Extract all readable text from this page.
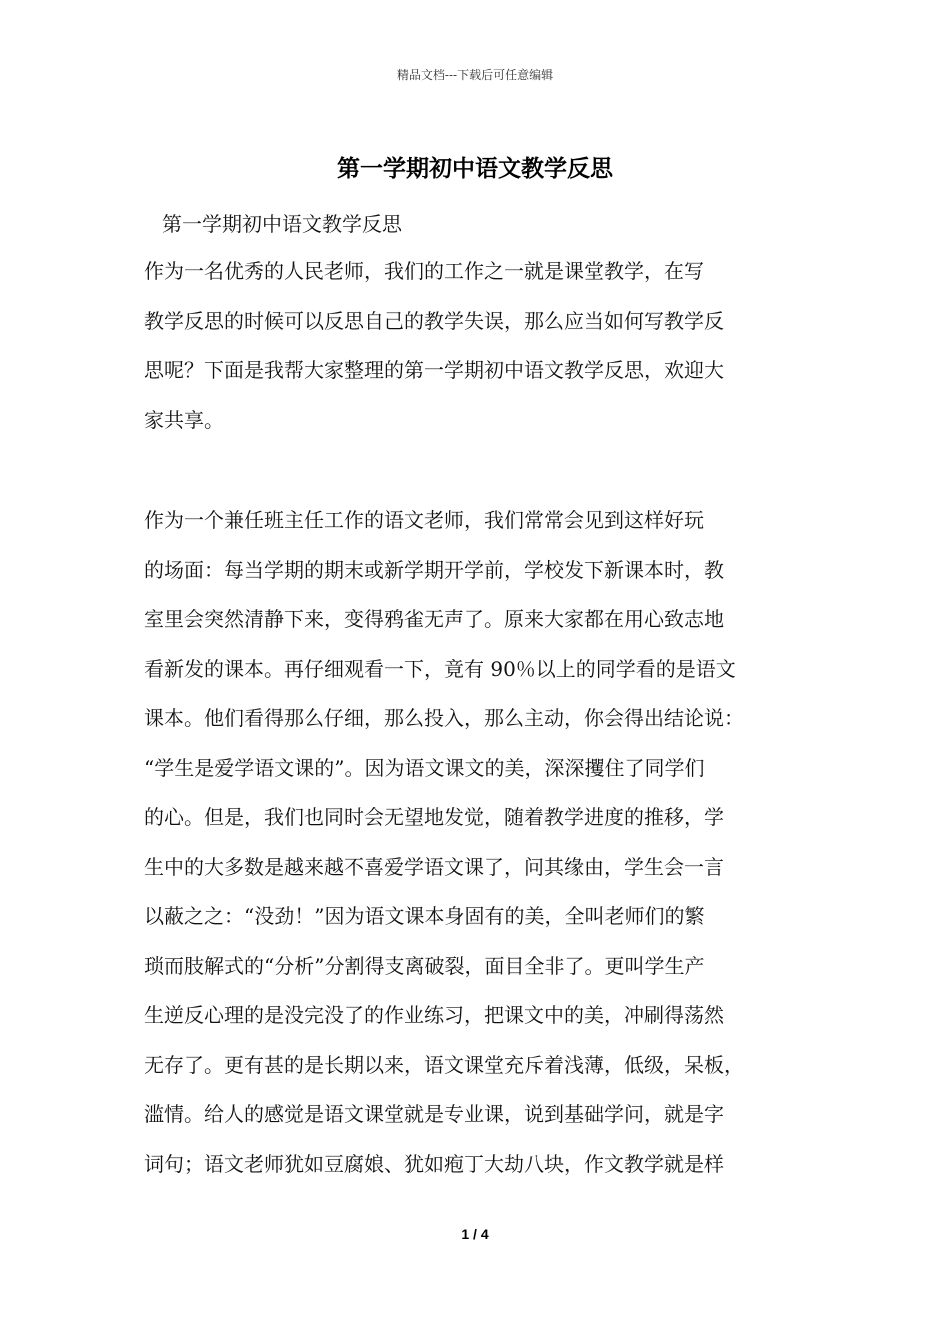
精品文档---下载后可任意编辑
第一学期初中语文教学反思
第一学期初中语文教学反思
作为一名优秀的人民老师，我们的工作之一就是课堂教学，在写
教学反思的时候可以反思自己的教学失误，那么应当如何写教学反
思呢？下面是我帮大家整理的第一学期初中语文教学反思，欢迎大
家共享。
作为一个兼任班主任工作的语文老师，我们常常会见到这样好玩
的场面：每当学期的期末或新学期开学前，学校发下新课本时，教
室里会突然清静下来，变得鸦雀无声了。原来大家都在用心致志地
看新发的课本。再仔细观看一下，竟有 90％以上的同学看的是语文
课本。他们看得那么仔细，那么投入，那么主动，你会得出结论说：
“学生是爱学语文课的”。因为语文课文的美，深深攫住了同学们
的心。但是，我们也同时会无望地发觉，随着教学进度的推移，学
生中的大多数是越来越不喜爱学语文课了，问其缘由，学生会一言
以蔽之之：“没劲！”因为语文课本身固有的美，全叫老师们的繁
琐而肢解式的“分析”分割得支离破裂，面目全非了。更叫学生产
生逆反心理的是没完没了的作业练习，把课文中的美，冲刷得荡然
无存了。更有甚的是长期以来，语文课堂充斥着浅薄，低级，呆板，
滥情。给人的感觉是语文课堂就是专业课，说到基础学问，就是字
词句；语文老师犹如豆腐娘、犹如疱丁大劫八块，作文教学就是样
1 / 4
